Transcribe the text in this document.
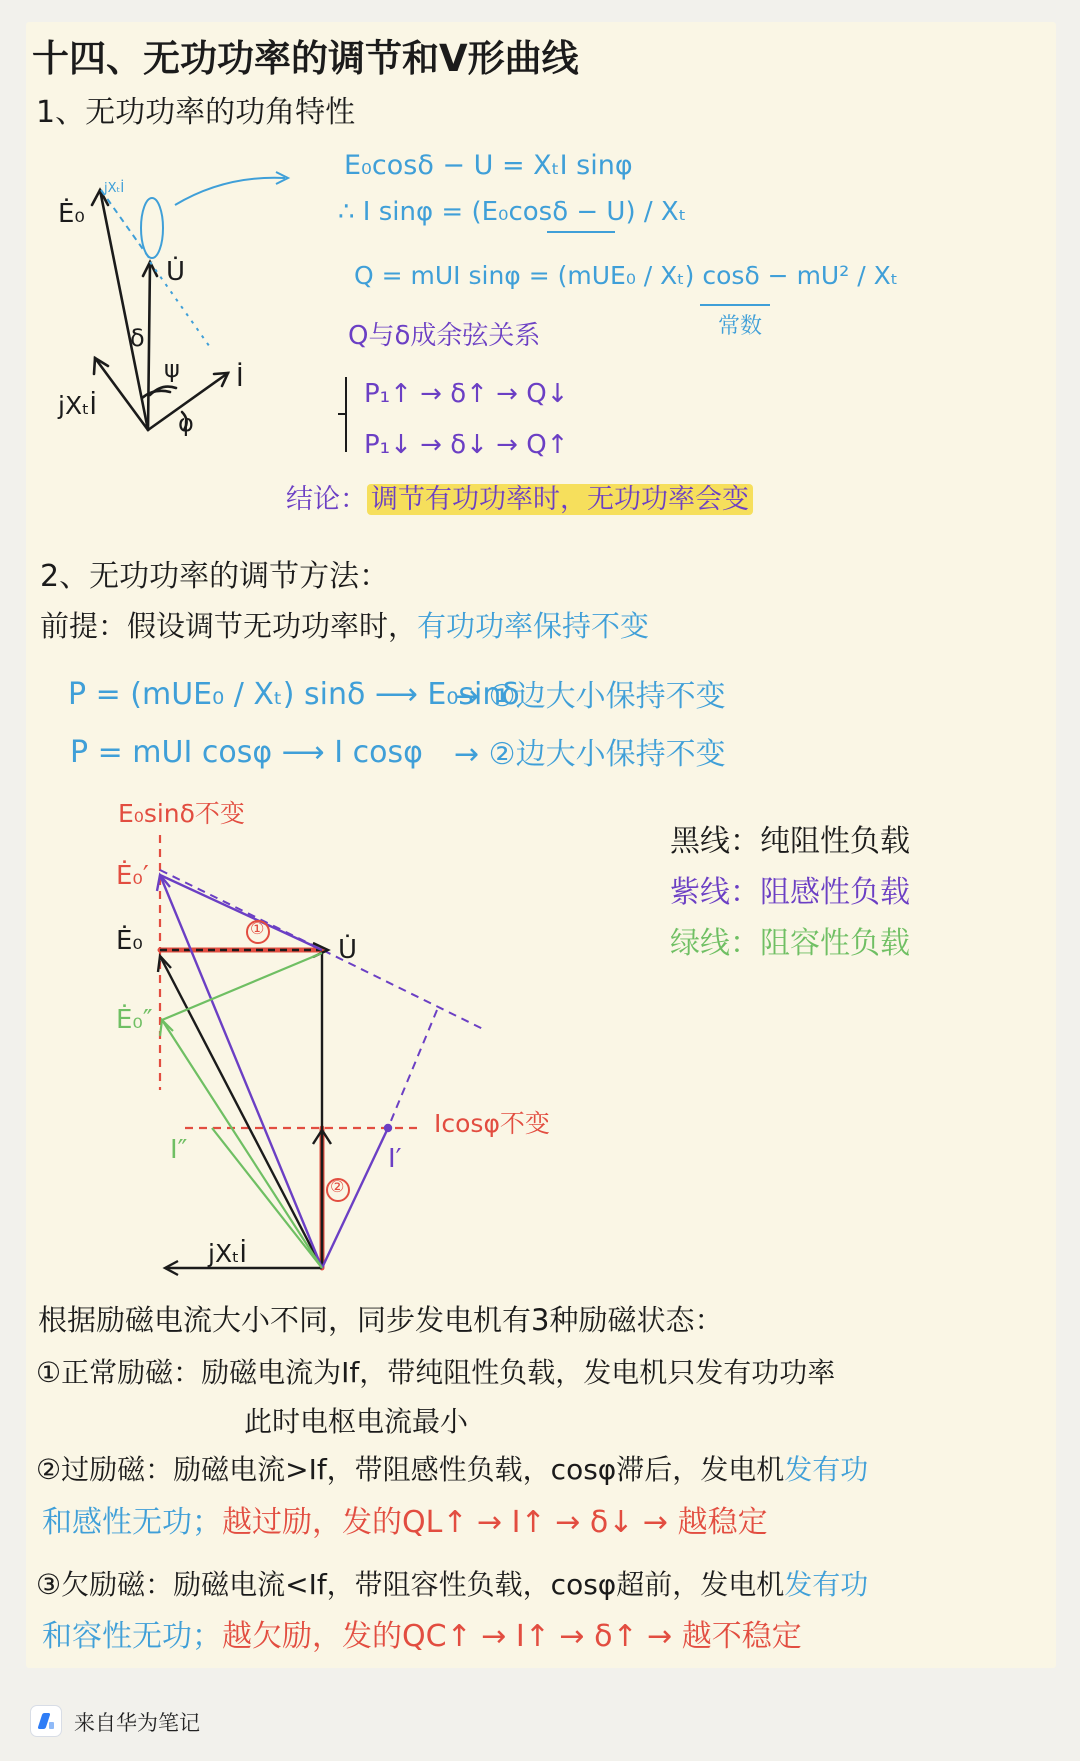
十四、无功功率的调节和V形曲线
1、无功功率的功角特性
Ė₀
U̇
İ
jXₜİ
δ
ψ
φ
jXₜİ
E₀cosδ − U = XₜI sinφ
∴ I sinφ = (E₀cosδ − U) / Xₜ
Q = mUI sinφ = (mUE₀ / Xₜ) cosδ − mU² / Xₜ
常数
Q与δ成余弦关系
P₁↑ → δ↑ → Q↓
P₁↓ → δ↓ → Q↑
结论： 调节有功功率时，无功功率会变
2、无功功率的调节方法：
前提：假设调节无功功率时，有功功率保持不变
P = (mUE₀ / Xₜ) sinδ ⟶ E₀sinδ
→ ①边大小保持不变
P = mUI cosφ ⟶ I cosφ → ②边大小保持不变
E₀sinδ不变
Icosφ不变
①
②
Ė₀′
Ė₀
Ė₀″
U̇
I′
I″
jXₜİ
黑线：纯阻性负载
紫线：阻感性负载
绿线：阻容性负载
根据励磁电流大小不同，同步发电机有3种励磁状态：
①正常励磁：励磁电流为If，带纯阻性负载，发电机只发有功功率
此时电枢电流最小
②过励磁：励磁电流>If，带阻感性负载，cosφ滞后，发电机发有功
和感性无功；越过励，发的QL↑ → I↑ → δ↓ → 越稳定
③欠励磁：励磁电流<If，带阻容性负载，cosφ超前，发电机发有功
和容性无功；越欠励，发的QC↑ → I↑ → δ↑ → 越不稳定
来自华为笔记
